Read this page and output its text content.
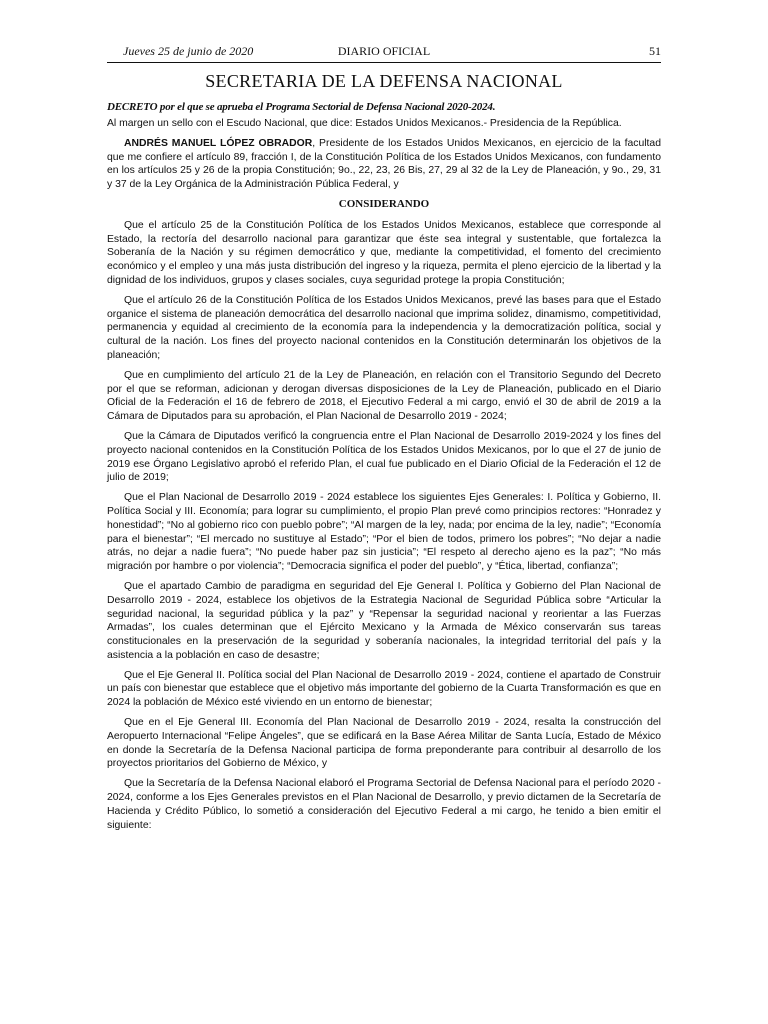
Jueves 25 de junio de 2020	DIARIO OFICIAL	51
SECRETARIA DE LA DEFENSA NACIONAL
DECRETO por el que se aprueba el Programa Sectorial de Defensa Nacional 2020-2024.

Al margen un sello con el Escudo Nacional, que dice: Estados Unidos Mexicanos.- Presidencia de la República.

ANDRÉS MANUEL LÓPEZ OBRADOR, Presidente de los Estados Unidos Mexicanos, en ejercicio de la facultad que me confiere el artículo 89, fracción I, de la Constitución Política de los Estados Unidos Mexicanos, con fundamento en los artículos 25 y 26 de la propia Constitución; 9o., 22, 23, 26 Bis, 27, 29 al 32 de la Ley de Planeación, y 9o., 29, 31 y 37 de la Ley Orgánica de la Administración Pública Federal, y

CONSIDERANDO

Que el artículo 25 de la Constitución Política de los Estados Unidos Mexicanos, establece que corresponde al Estado, la rectoría del desarrollo nacional para garantizar que éste sea integral y sustentable, que fortalezca la Soberanía de la Nación y su régimen democrático y que, mediante la competitividad, el fomento del crecimiento económico y el empleo y una más justa distribución del ingreso y la riqueza, permita el pleno ejercicio de la libertad y la dignidad de los individuos, grupos y clases sociales, cuya seguridad protege la propia Constitución;

Que el artículo 26 de la Constitución Política de los Estados Unidos Mexicanos, prevé las bases para que el Estado organice el sistema de planeación democrática del desarrollo nacional que imprima solidez, dinamismo, competitividad, permanencia y equidad al crecimiento de la economía para la independencia y la democratización política, social y cultural de la nación. Los fines del proyecto nacional contenidos en la Constitución determinarán los objetivos de la planeación;

Que en cumplimiento del artículo 21 de la Ley de Planeación, en relación con el Transitorio Segundo del Decreto por el que se reforman, adicionan y derogan diversas disposiciones de la Ley de Planeación, publicado en el Diario Oficial de la Federación el 16 de febrero de 2018, el Ejecutivo Federal a mi cargo, envió el 30 de abril de 2019 a la Cámara de Diputados para su aprobación, el Plan Nacional de Desarrollo 2019 - 2024;

Que la Cámara de Diputados verificó la congruencia entre el Plan Nacional de Desarrollo 2019-2024 y los fines del proyecto nacional contenidos en la Constitución Política de los Estados Unidos Mexicanos, por lo que el 27 de junio de 2019 ese Órgano Legislativo aprobó el referido Plan, el cual fue publicado en el Diario Oficial de la Federación el 12 de julio de 2019;

Que el Plan Nacional de Desarrollo 2019 - 2024 establece los siguientes Ejes Generales: I. Política y Gobierno, II. Política Social y III. Economía; para lograr su cumplimiento, el propio Plan prevé como principios rectores: “Honradez y honestidad”; “No al gobierno rico con pueblo pobre”; “Al margen de la ley, nada; por encima de la ley, nadie”; “Economía para el bienestar”; “El mercado no sustituye al Estado”; “Por el bien de todos, primero los pobres”; “No dejar a nadie atrás, no dejar a nadie fuera”; “No puede haber paz sin justicia”; “El respeto al derecho ajeno es la paz”; “No más migración por hambre o por violencia”; “Democracia significa el poder del pueblo”, y “Ética, libertad, confianza”;

Que el apartado Cambio de paradigma en seguridad del Eje General I. Política y Gobierno del Plan Nacional de Desarrollo 2019 - 2024, establece los objetivos de la Estrategia Nacional de Seguridad Pública sobre “Articular la seguridad nacional, la seguridad pública y la paz” y “Repensar la seguridad nacional y reorientar a las Fuerzas Armadas”, los cuales determinan que el Ejército Mexicano y la Armada de México conservarán sus tareas constitucionales en la preservación de la seguridad y soberanía nacionales, la integridad territorial del país y la asistencia a la población en caso de desastre;

Que el Eje General II. Política social del Plan Nacional de Desarrollo 2019 - 2024, contiene el apartado de Construir un país con bienestar que establece que el objetivo más importante del gobierno de la Cuarta Transformación es que en 2024 la población de México esté viviendo en un entorno de bienestar;

Que en el Eje General III. Economía del Plan Nacional de Desarrollo 2019 - 2024, resalta la construcción del Aeropuerto Internacional “Felipe Ángeles”, que se edificará en la Base Aérea Militar de Santa Lucía, Estado de México en donde la Secretaría de la Defensa Nacional participa de forma preponderante para contribuir al desarrollo de los proyectos prioritarios del Gobierno de México, y

Que la Secretaría de la Defensa Nacional elaboró el Programa Sectorial de Defensa Nacional para el período 2020 - 2024, conforme a los Ejes Generales previstos en el Plan Nacional de Desarrollo, y previo dictamen de la Secretaría de Hacienda y Crédito Público, lo sometió a consideración del Ejecutivo Federal a mi cargo, he tenido a bien emitir el siguiente:
